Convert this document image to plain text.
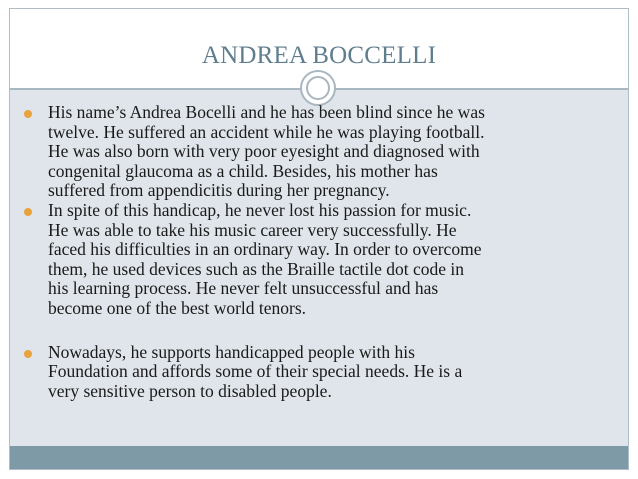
ANDREA BOCCELLI
His name’s Andrea Bocelli and he has been blind since he was
twelve. He suffered an accident while he was playing football.
He was also born with very poor eyesight and diagnosed with
congenital glaucoma as a child. Besides, his mother has
suffered from appendicitis during her pregnancy.
In spite of this handicap, he never lost his passion for music.
He was able to take his music career very successfully. He
faced his difficulties in an ordinary way. In order to overcome
them, he used devices such as the Braille tactile dot code in
his learning process. He never felt unsuccessful and has
become one of the best world tenors.
Nowadays, he supports handicapped people with his
Foundation and affords some of their special needs. He is a
very sensitive person to disabled people.
